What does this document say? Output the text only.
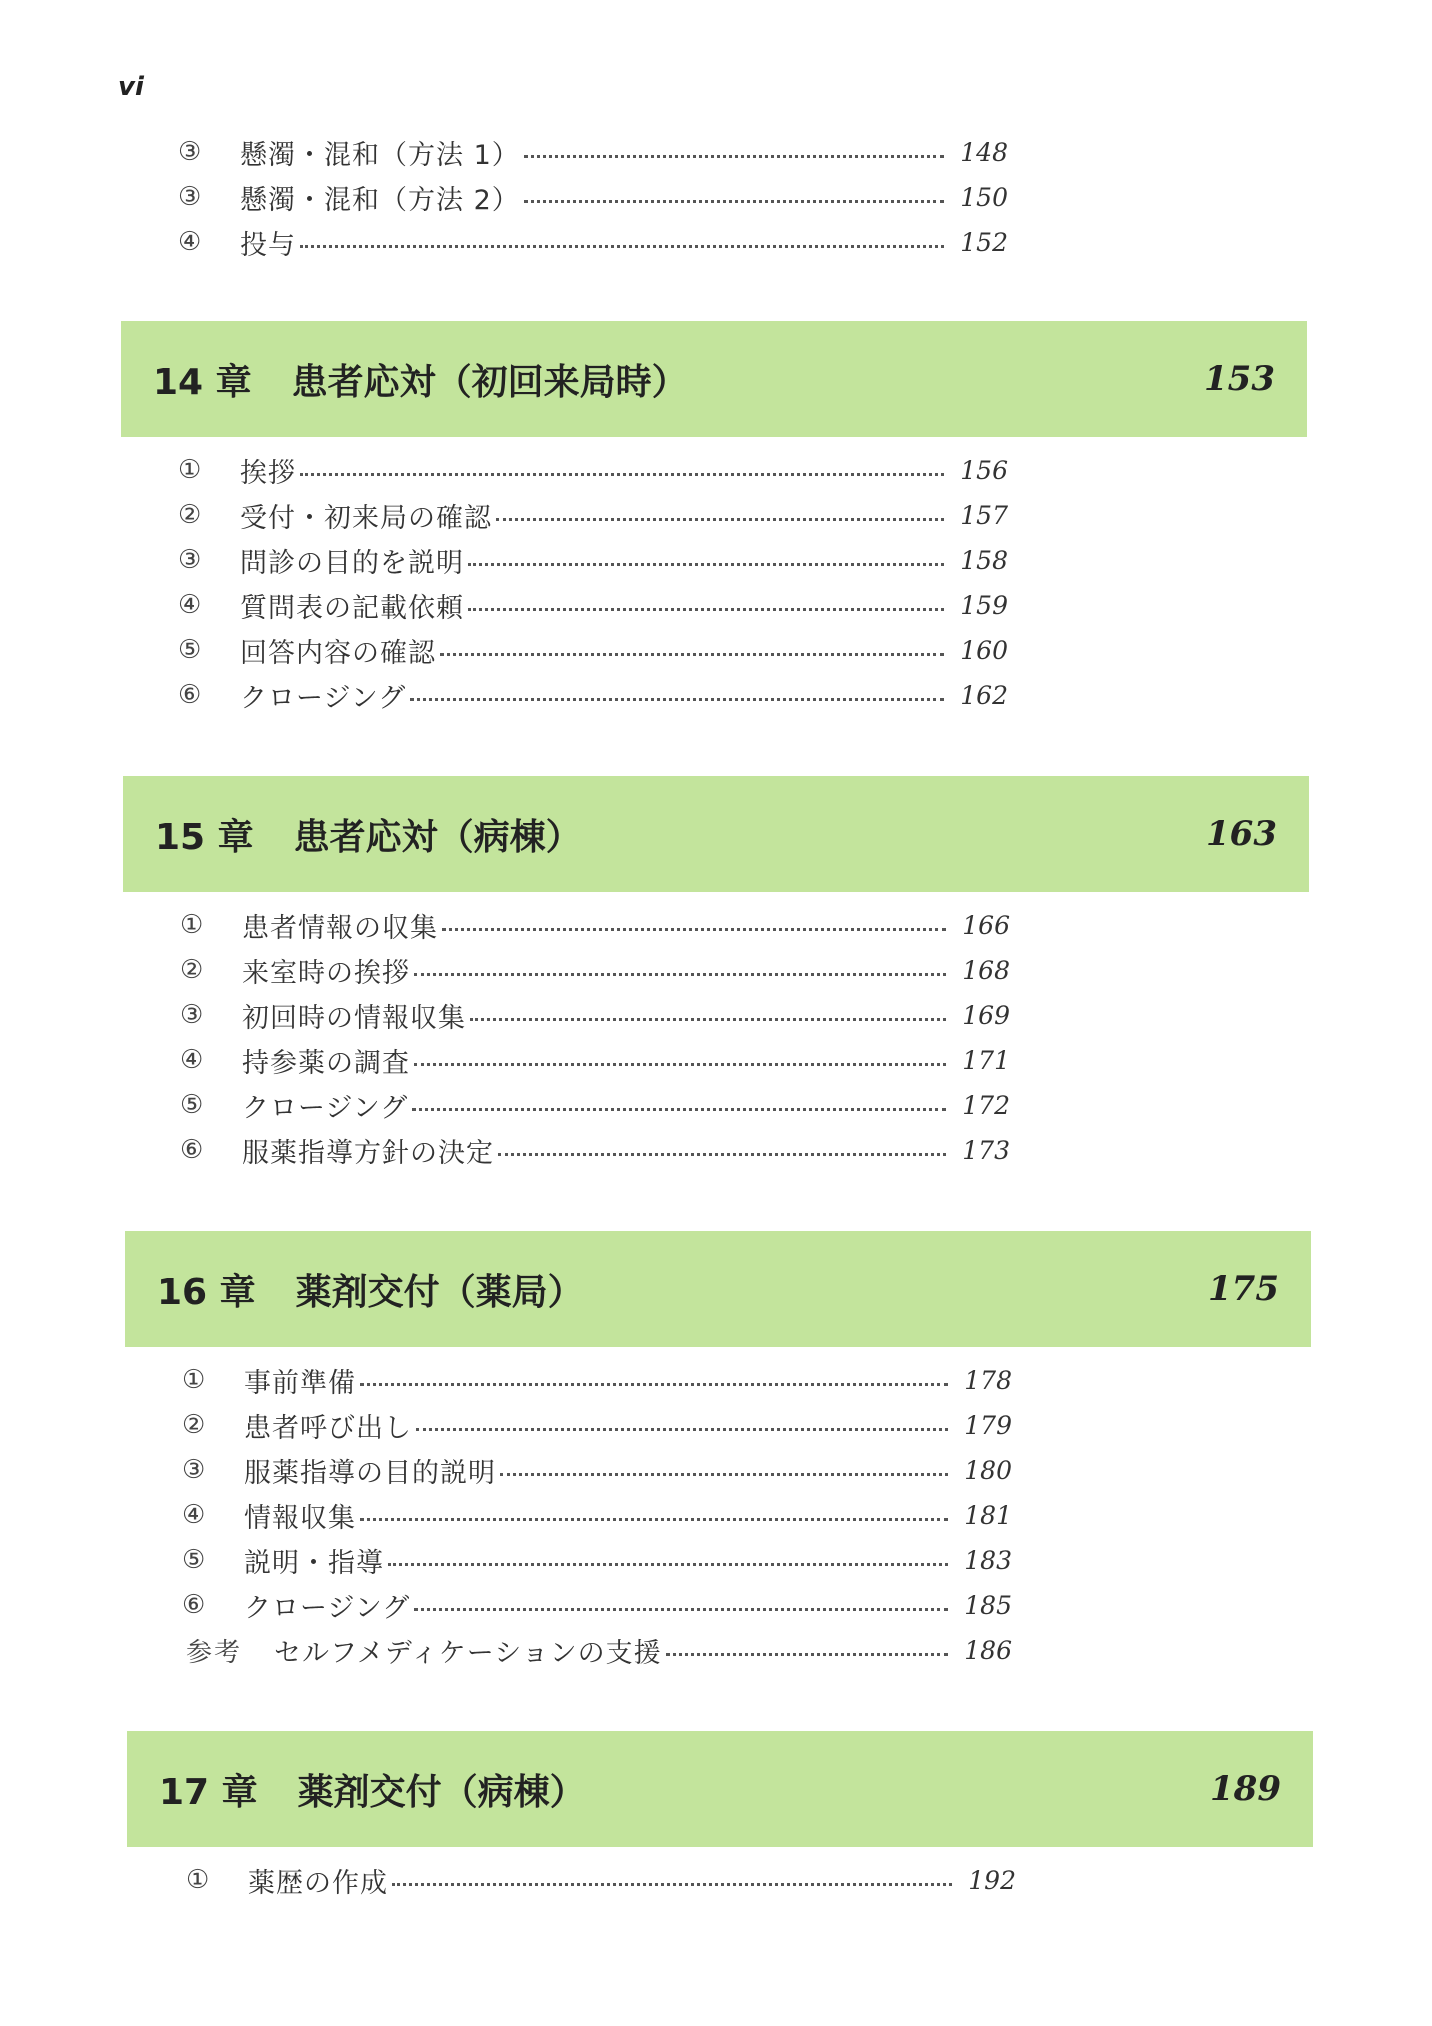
vi
③	懸濁・混和（方法 1）	148
③	懸濁・混和（方法 2）	150
④	投与	152
14 章 患者応対（初回来局時）	153
①	挨拶	156
②	受付・初来局の確認	157
③	問診の目的を説明	158
④	質問表の記載依頼	159
⑤	回答内容の確認	160
⑥	クロージング	162
15 章 患者応対（病棟）	163
①	患者情報の収集	166
②	来室時の挨拶	168
③	初回時の情報収集	169
④	持参薬の調査	171
⑤	クロージング	172
⑥	服薬指導方針の決定	173
16 章 薬剤交付（薬局）	175
①	事前準備	178
②	患者呼び出し	179
③	服薬指導の目的説明	180
④	情報収集	181
⑤	説明・指導	183
⑥	クロージング	185
参考	セルフメディケーションの支援	186
17 章 薬剤交付（病棟）	189
①	薬歴の作成	192
